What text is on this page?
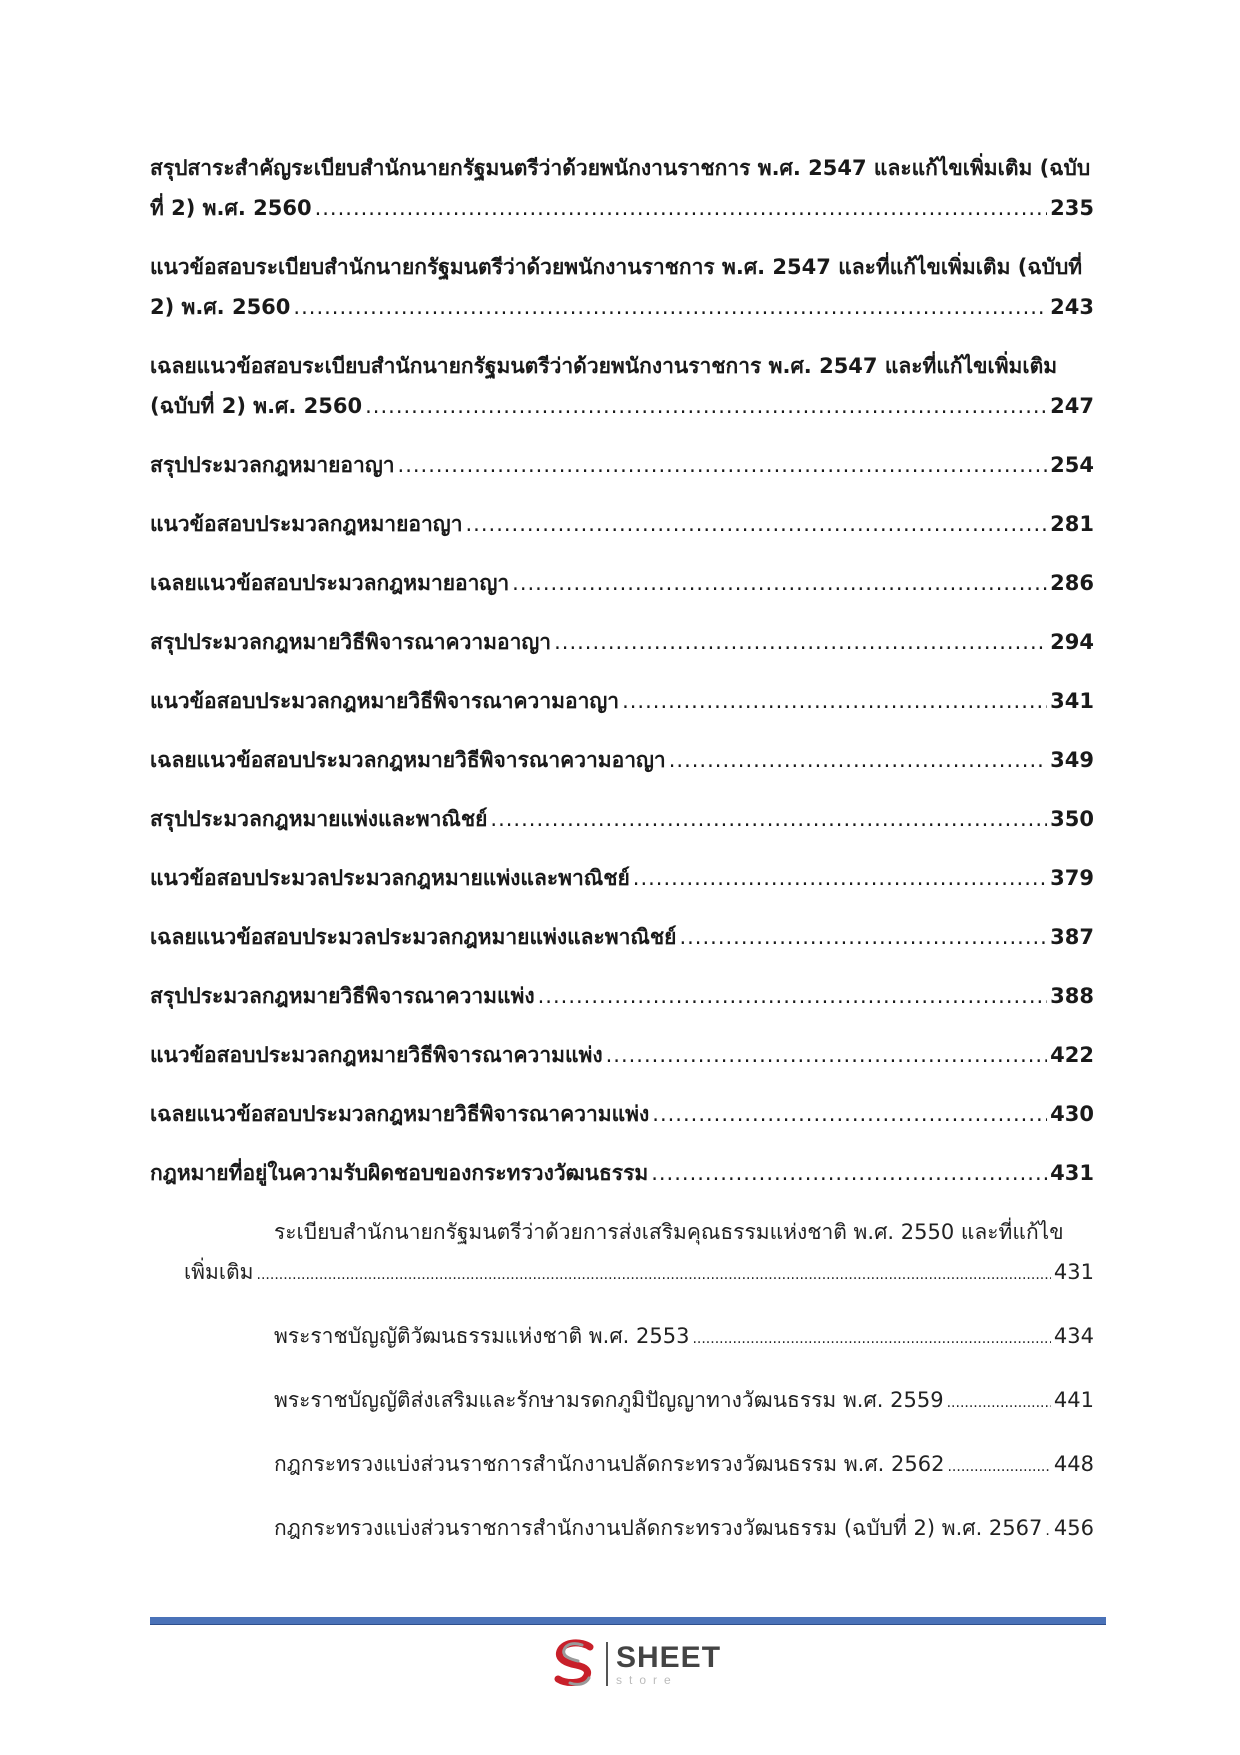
สรุปสาระสำคัญระเบียบสำนักนายกรัฐมนตรีว่าด้วยพนักงานราชการ พ.ศ. 2547 และแก้ไขเพิ่มเติม (ฉบับ
ที่ 2) พ.ศ. 2560 .....	235
แนวข้อสอบระเบียบสำนักนายกรัฐมนตรีว่าด้วยพนักงานราชการ พ.ศ. 2547 และที่แก้ไขเพิ่มเติม (ฉบับที่
2) พ.ศ. 2560 .....	243
เฉลยแนวข้อสอบระเบียบสำนักนายกรัฐมนตรีว่าด้วยพนักงานราชการ พ.ศ. 2547 และที่แก้ไขเพิ่มเติม
(ฉบับที่ 2) พ.ศ. 2560 .....	247
สรุปประมวลกฎหมายอาญา .....	254
แนวข้อสอบประมวลกฎหมายอาญา .....	281
เฉลยแนวข้อสอบประมวลกฎหมายอาญา .....	286
สรุปประมวลกฎหมายวิธีพิจารณาความอาญา .....	294
แนวข้อสอบประมวลกฎหมายวิธีพิจารณาความอาญา .....	341
เฉลยแนวข้อสอบประมวลกฎหมายวิธีพิจารณาความอาญา .....	349
สรุปประมวลกฎหมายแพ่งและพาณิชย์ .....	350
แนวข้อสอบประมวลประมวลกฎหมายแพ่งและพาณิชย์ .....	379
เฉลยแนวข้อสอบประมวลประมวลกฎหมายแพ่งและพาณิชย์ .....	387
สรุปประมวลกฎหมายวิธีพิจารณาความแพ่ง .....	388
แนวข้อสอบประมวลกฎหมายวิธีพิจารณาความแพ่ง .....	422
เฉลยแนวข้อสอบประมวลกฎหมายวิธีพิจารณาความแพ่ง .....	430
กฎหมายที่อยู่ในความรับผิดชอบของกระทรวงวัฒนธรรม .....	431
ระเบียบสำนักนายกรัฐมนตรีว่าด้วยการส่งเสริมคุณธรรมแห่งชาติ พ.ศ. 2550 และที่แก้ไข
เพิ่มเติม .....	431
พระราชบัญญัติวัฒนธรรมแห่งชาติ พ.ศ. 2553 .....	434
พระราชบัญญัติส่งเสริมและรักษามรดกภูมิปัญญาทางวัฒนธรรม พ.ศ. 2559 .....	441
กฎกระทรวงแบ่งส่วนราชการสำนักงานปลัดกระทรวงวัฒนธรรม พ.ศ. 2562 .....	448
กฎกระทรวงแบ่งส่วนราชการสำนักงานปลัดกระทรวงวัฒนธรรม (ฉบับที่ 2) พ.ศ. 2567 ..... 456
SHEET
store
